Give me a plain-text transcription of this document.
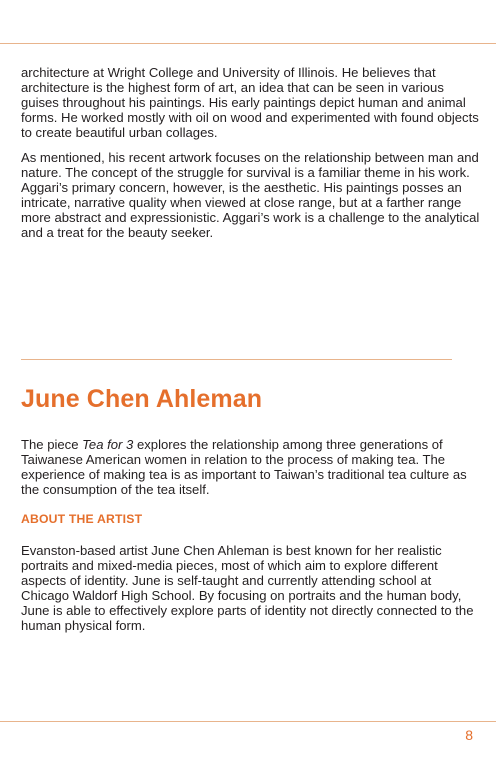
architecture at Wright College and University of Illinois. He believes that architecture is the highest form of art, an idea that can be seen in various guises throughout his paintings. His early paintings depict human and animal forms. He worked mostly with oil on wood and experimented with found objects to create beautiful urban collages.

As mentioned, his recent artwork focuses on the relationship between man and nature. The concept of the struggle for survival is a familiar theme in his work. Aggari’s primary concern, however, is the aesthetic. His paintings posses an intricate, narrative quality when viewed at close range, but at a farther range more abstract and expressionistic. Aggari’s work is a challenge to the analytical and a treat for the beauty seeker.

June Chen Ahleman

The piece Tea for 3 explores the relationship among three generations of Taiwanese American women in relation to the process of making tea. The experience of making tea is as important to Taiwan’s traditional tea culture as the consumption of the tea itself.

ABOUT THE ARTIST

Evanston-based artist June Chen Ahleman is best known for her realistic portraits and mixed-media pieces, most of which aim to explore different aspects of identity. June is self-taught and currently attending school at Chicago Waldorf High School. By focusing on portraits and the human body, June is able to effectively explore parts of identity not directly connected to the human physical form.

8
